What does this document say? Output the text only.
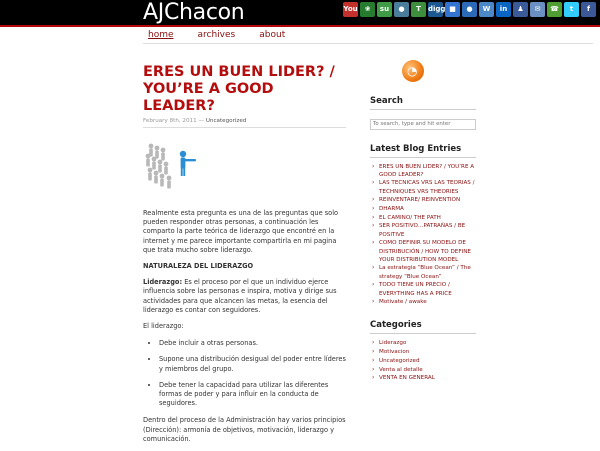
AJChacon	You ❀	su	●	T	digg ■	●	W	in	♟	✉	☎	t	f
home	archives	about
ERES UN BUEN LIDER? / YOU’RE A GOOD LEADER?
February 8th, 2011 — Uncategorized

Realmente esta pregunta es una de las preguntas que solo pueden responder otras personas, a continuación les comparto la parte teórica de liderazgo que encontré en la internet y me parece importante compartirla en mi pagina que trata mucho sobre liderazgo.

NATURALEZA DEL LIDERAZGO

Liderazgo: Es el proceso por el que un individuo ejerce influencia sobre las personas e inspira, motiva y dirige sus actividades para que alcancen las metas, la esencia del liderazgo es contar con seguidores.

El liderazgo:

• Debe incluir a otras personas.
• Supone una distribución desigual del poder entre líderes y miembros del grupo.
• Debe tener la capacidad para utilizar las diferentes formas de poder y para influir en la conducta de seguidores.

Dentro del proceso de la Administración hay varios principios (Dirección): armonía de objetivos, motivación, liderazgo y comunicación.

◔
Search
To search, type and hit enter
Latest Blog Entries
› ERES UN BUEN LIDER? / YOU’RE A GOOD LEADER?
› LAS TECNICAS VRS LAS TEORIAS / TECHNIQUES VRS THEORIES
› REINVENTARE/ REINVENTION
› DHARMA
› EL CAMINO/ THE PATH
› SER POSITIVO…PATRAÑAS / BE POSITIVE
› COMO DEFINIR SU MODELO DE DISTRIBUCIÓN / HOW TO DEFINE YOUR DISTRIBUTION MODEL
› La estrategia “Blue Ocean” / The strategy “Blue Ocean”
› TODO TIENE UN PRECIO / EVERYTHING HAS A PRICE
› Motivate / awake
Categories
› Liderazgo
› Motivacion
› Uncategorized
› Venta al detalle
› VENTA EN GENERAL
